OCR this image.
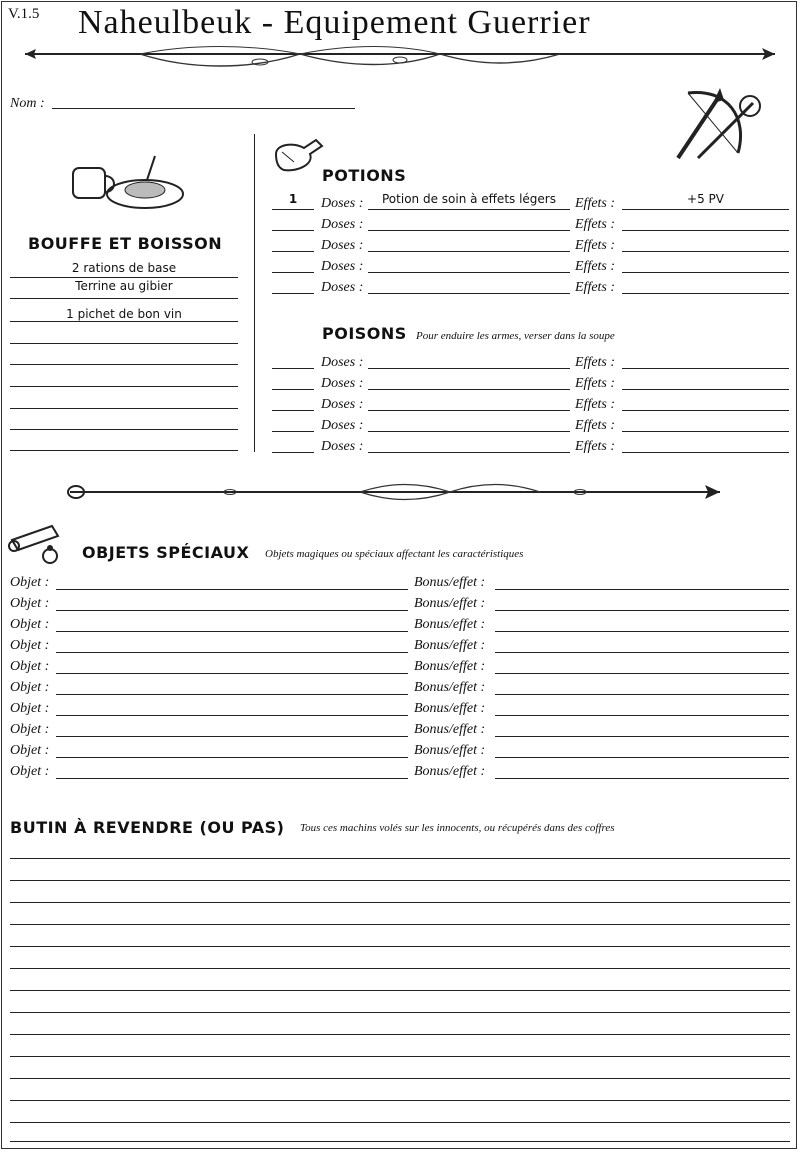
V.1.5 Naheulbeuk - Equipement Guerrier
Nom :
BOUFFE ET BOISSON
2 rations de base
Terrine au gibier
1 pichet de bon vin
POTIONS
1	Doses :	Potion de soin à effets légers	Effets :	+5 PV
Doses :	Effets :
Doses :	Effets :
Doses :	Effets :
Doses :	Effets :
POISONS Pour enduire les armes, verser dans la soupe
Doses :	Effets :
Doses :	Effets :
Doses :	Effets :
Doses :	Effets :
Doses :	Effets :
OBJETS SPÉCIAUX Objets magiques ou spéciaux affectant les caractéristiques
Objet :	Bonus/effet :
Objet :	Bonus/effet :
Objet :	Bonus/effet :
Objet :	Bonus/effet :
Objet :	Bonus/effet :
Objet :	Bonus/effet :
Objet :	Bonus/effet :
Objet :	Bonus/effet :
Objet :	Bonus/effet :
Objet :	Bonus/effet :
BUTIN À REVENDRE (OU PAS) Tous ces machins volés sur les innocents, ou récupérés dans des coffres
